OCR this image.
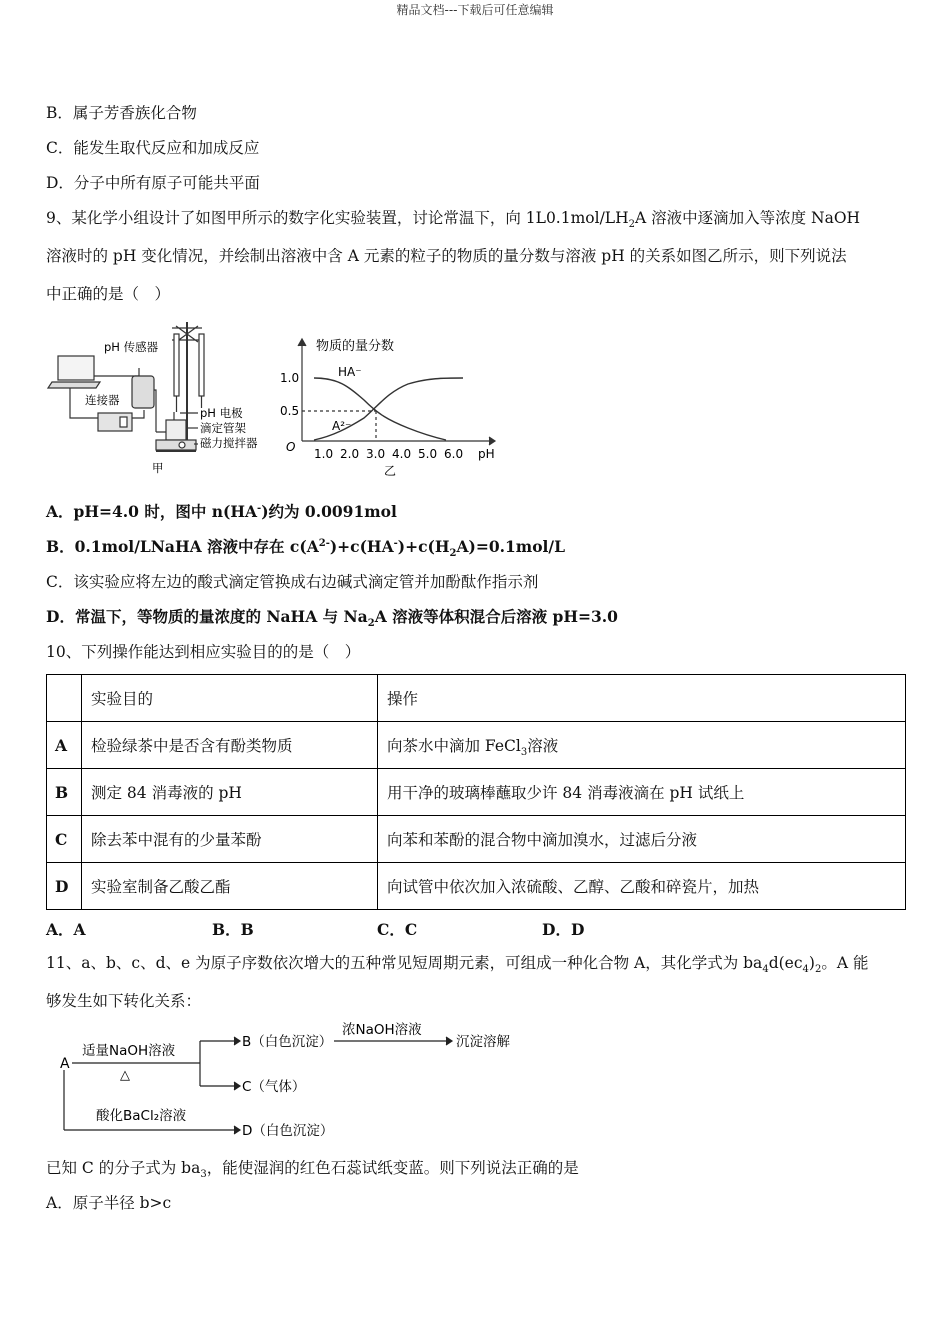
精品文档---下载后可任意编辑
B．属子芳香族化合物
C．能发生取代反应和加成反应
D．分子中所有原子可能共平面
9、某化学小组设计了如图甲所示的数字化实验装置，讨论常温下，向 $1L0.1mol/LH_2A$ 溶液中逐滴加入等浓度 NaOH
溶液时的 pH 变化情况，并绘制出溶液中含 A 元素的粒子的物质的量分数与溶液 pH 的关系如图乙所示，则下列说法
中正确的是（　）
pH 传感器
连接器
pH 电极
滴定管架
磁力搅拌器
甲
物质的量分数
1.0
0.5
O 1.0 2.0 3.0 4.0 5.0 6.0 pH
HA⁻
A²⁻
乙
A．pH=4.0 时，图中 n(HA-)约为 0.0091mol
B．0.1mol/LNaHA 溶液中存在 $c(A^{2-})+c(HA^-)+c(H_2A)=0.1mol/L$
C．该实验应将左边的酸式滴定管换成右边碱式滴定管并加酚酞作指示剂
D．常温下，等物质的量浓度的 NaHA 与 $Na_2A$ 溶液等体积混合后溶液 pH=3.0
10、下列操作能达到相应实验目的的是（　）
	实验目的	操作
A	检验绿茶中是否含有酚类物质	向茶水中滴加 FeCl$_3$溶液
B	测定 84 消毒液的 pH	用干净的玻璃棒蘸取少许 84 消毒液滴在 pH 试纸上
C	除去苯中混有的少量苯酚	向苯和苯酚的混合物中滴加溴水，过滤后分液
D	实验室制备乙酸乙酯	向试管中依次加入浓硫酸、乙醇、乙酸和碎瓷片，加热
A．A	B．B	C．C	D．D
11、a、b、c、d、e 为原子序数依次增大的五种常见短周期元素，可组成一种化合物 A，其化学式为 $ba_4d(ec_4)_2$。A 能
够发生如下转化关系：
A
适量NaOH溶液
△
B（白色沉淀）
浓NaOH溶液
沉淀溶解
C（气体）
酸化BaCl₂溶液
D（白色沉淀）
已知 C 的分子式为 $ba_3$，能使湿润的红色石蕊试纸变蓝。则下列说法正确的是
A．原子半径 b>c
